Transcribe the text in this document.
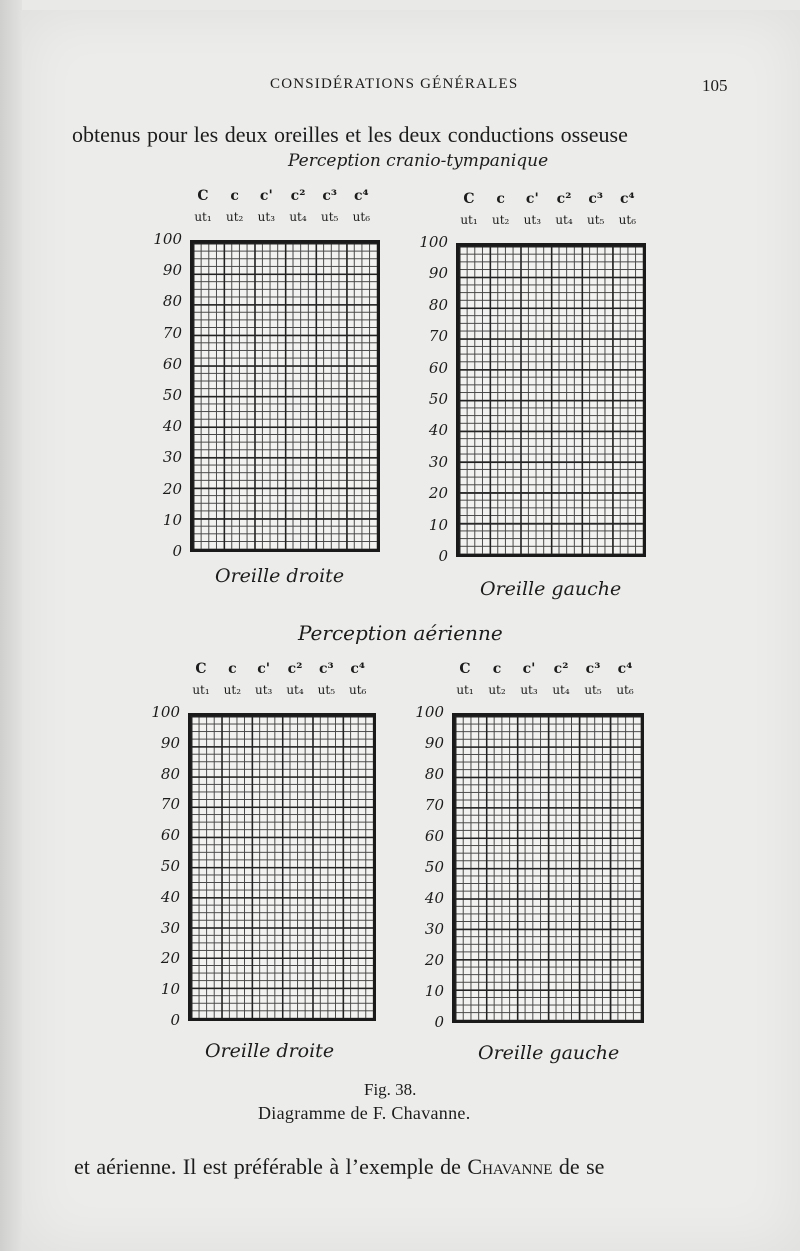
CONSIDÉRATIONS GÉNÉRALES	105
obtenus pour les deux oreilles et les deux conductions osseuse
Perception cranio-tympanique
Perception aérienne
Fig. 38.
Diagramme de F. Chavanne.
et aérienne. Il est préférable à l’exemple de Chavanne de se
C	c	c'	c² c³ c⁴
ut₁	ut₂	ut₃	ut₄	ut₅	ut₆
100
90
80
70
60
50
40
30
20
10
0
Oreille droite
C	c	c'	c² c³ c⁴
ut₁	ut₂	ut₃	ut₄	ut₅	ut₆
100
90
80
70
60
50
40
30
20
10
0
Oreille gauche
C	c	c'	c² c³ c⁴
ut₁	ut₂	ut₃	ut₄	ut₅	ut₆
100
90
80
70
60
50
40
30
20
10
0
Oreille droite
C	c	c'	c² c³ c⁴
ut₁	ut₂	ut₃	ut₄	ut₅	ut₆
100
90
80
70
60
50
40
30
20
10
0
Oreille gauche
